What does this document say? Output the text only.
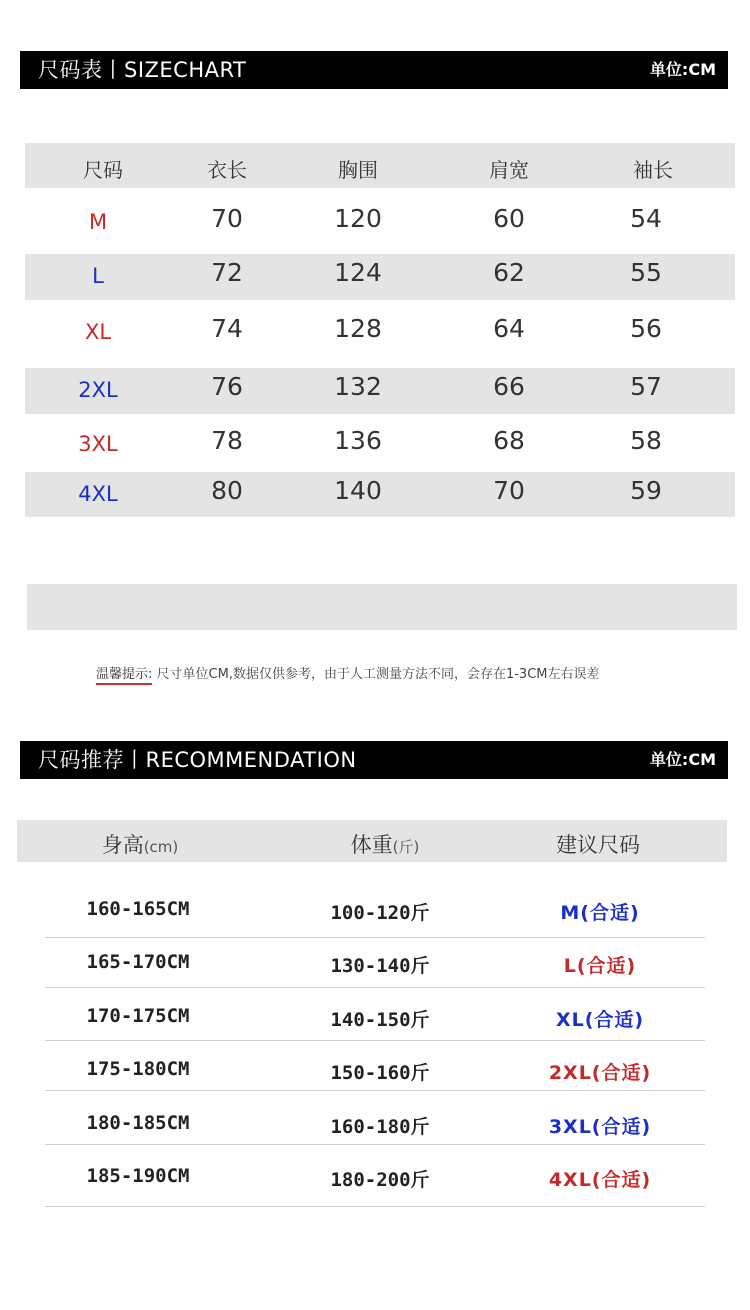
尺码表丨SIZECHART	单位:CM
尺码	衣长	胸围	肩宽	袖长
M	70	120	60	54
L	72	124	62	55
XL	74	128	64	56
2XL	76	132	66	57
3XL	78	136	68	58
4XL	80	140	70	59
温馨提示: 尺寸单位CM,数据仅供参考，由于人工测量方法不同，会存在1-3CM左右误差
尺码推荐丨RECOMMENDATION	单位:CM
身高(cm)	体重(斤)	建议尺码
160-165CM	100-120斤	M(合适)
165-170CM	130-140斤	L(合适)
170-175CM	140-150斤	XL(合适)
175-180CM	150-160斤	2XL(合适)
180-185CM	160-180斤	3XL(合适)
185-190CM	180-200斤	4XL(合适)
